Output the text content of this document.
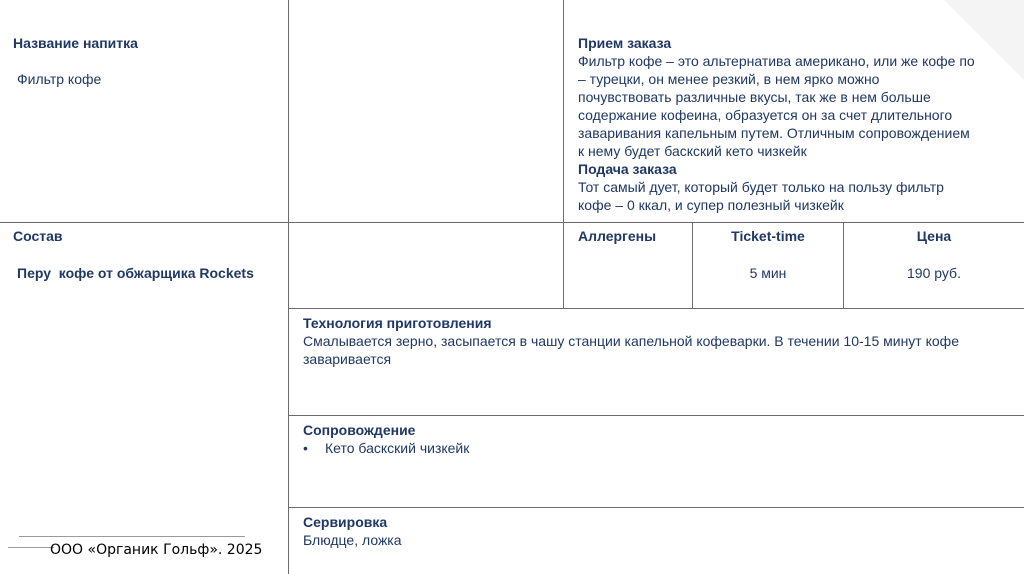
Название напитка
Фильтр кофе
Прием заказа
Фильтр кофе – это альтернатива американо, или же кофе по
– турецки, он менее резкий, в нем ярко можно
почувствовать различные вкусы, так же в нем больше
содержание кофеина, образуется он за счет длительного
заваривания капельным путем. Отличным сопровождением
к нему будет баскский кето чизкейк
Подача заказа
Тот самый дует, который будет только на пользу фильтр
кофе – 0 ккал, и супер полезный чизкейк
Состав
Перу  кофе от обжарщика Rockets
Аллергены	Ticket-time
5 мин
Цена
190 руб.
Технология приготовления
Смалывается зерно, засыпается в чашу станции капельной кофеварки. В течении 10-15 минут кофе заваривается
Сопровождение
• Кето баскский чизкейк
Сервировка
Блюдце, ложка
ООО «Органик Гольф». 2025
